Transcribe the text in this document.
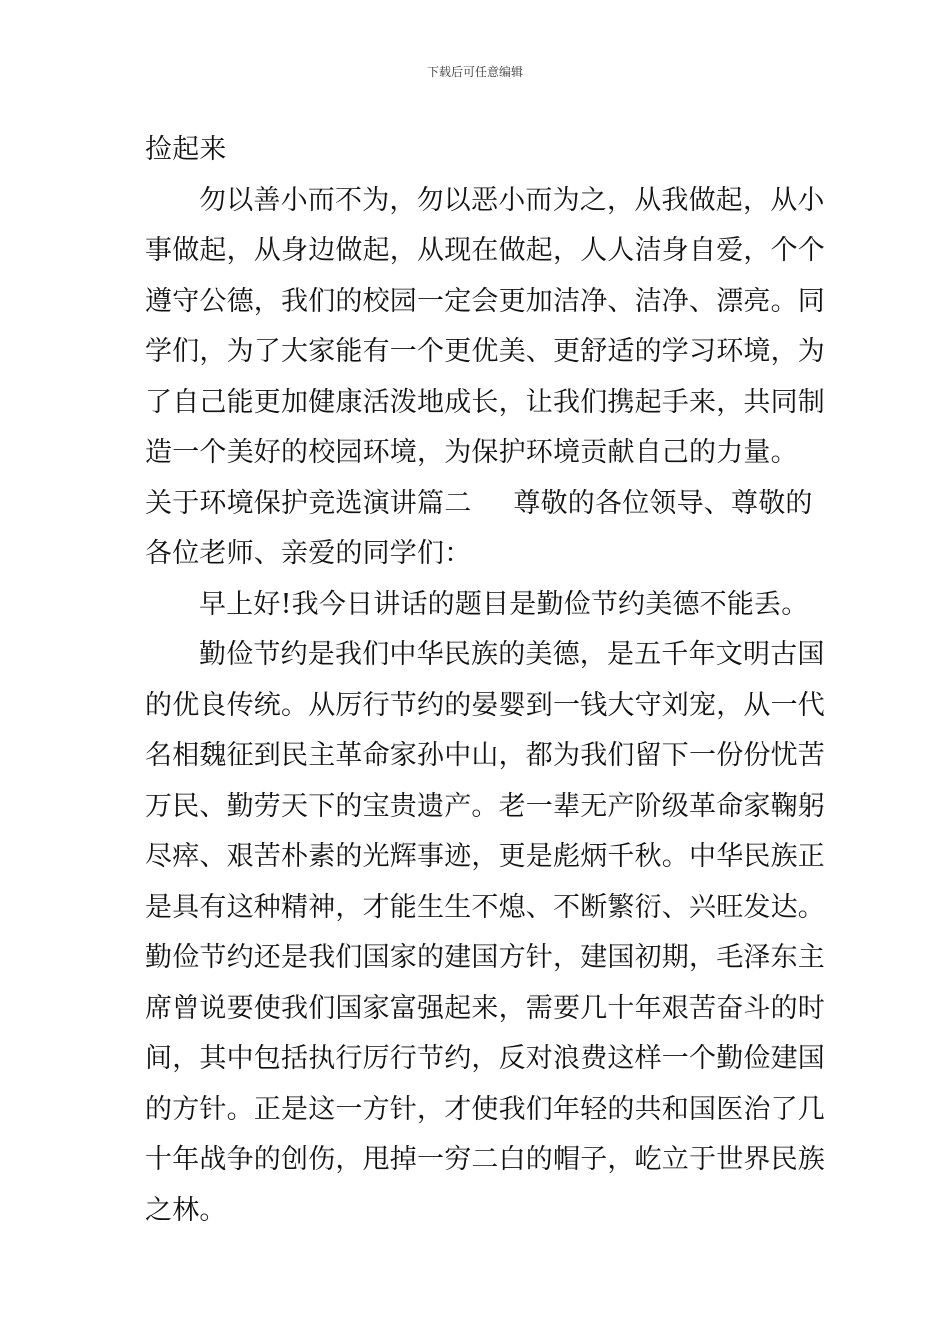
下载后可任意编辑
捡起来
勿以善小而不为，勿以恶小而为之，从我做起，从小
事做起，从身边做起，从现在做起，人人洁身自爱，个个
遵守公德，我们的校园一定会更加洁净、洁净、漂亮。同
学们，为了大家能有一个更优美、更舒适的学习环境，为
了自己能更加健康活泼地成长，让我们携起手来，共同制
造一个美好的校园环境，为保护环境贡献自己的力量。
关于环境保护竞选演讲篇二 尊敬的各位领导、尊敬的
各位老师、亲爱的同学们：
早上好!我今日讲话的题目是勤俭节约美德不能丢。
勤俭节约是我们中华民族的美德，是五千年文明古国
的优良传统。从厉行节约的晏婴到一钱大守刘宠，从一代
名相魏征到民主革命家孙中山，都为我们留下一份份忧苦
万民、勤劳天下的宝贵遗产。老一辈无产阶级革命家鞠躬
尽瘁、艰苦朴素的光辉事迹，更是彪炳千秋。中华民族正
是具有这种精神，才能生生不熄、不断繁衍、兴旺发达。
勤俭节约还是我们国家的建国方针，建国初期，毛泽东主
席曾说要使我们国家富强起来，需要几十年艰苦奋斗的时
间，其中包括执行厉行节约，反对浪费这样一个勤俭建国
的方针。正是这一方针，才使我们年轻的共和国医治了几
十年战争的创伤，甩掉一穷二白的帽子，屹立于世界民族
之林。
